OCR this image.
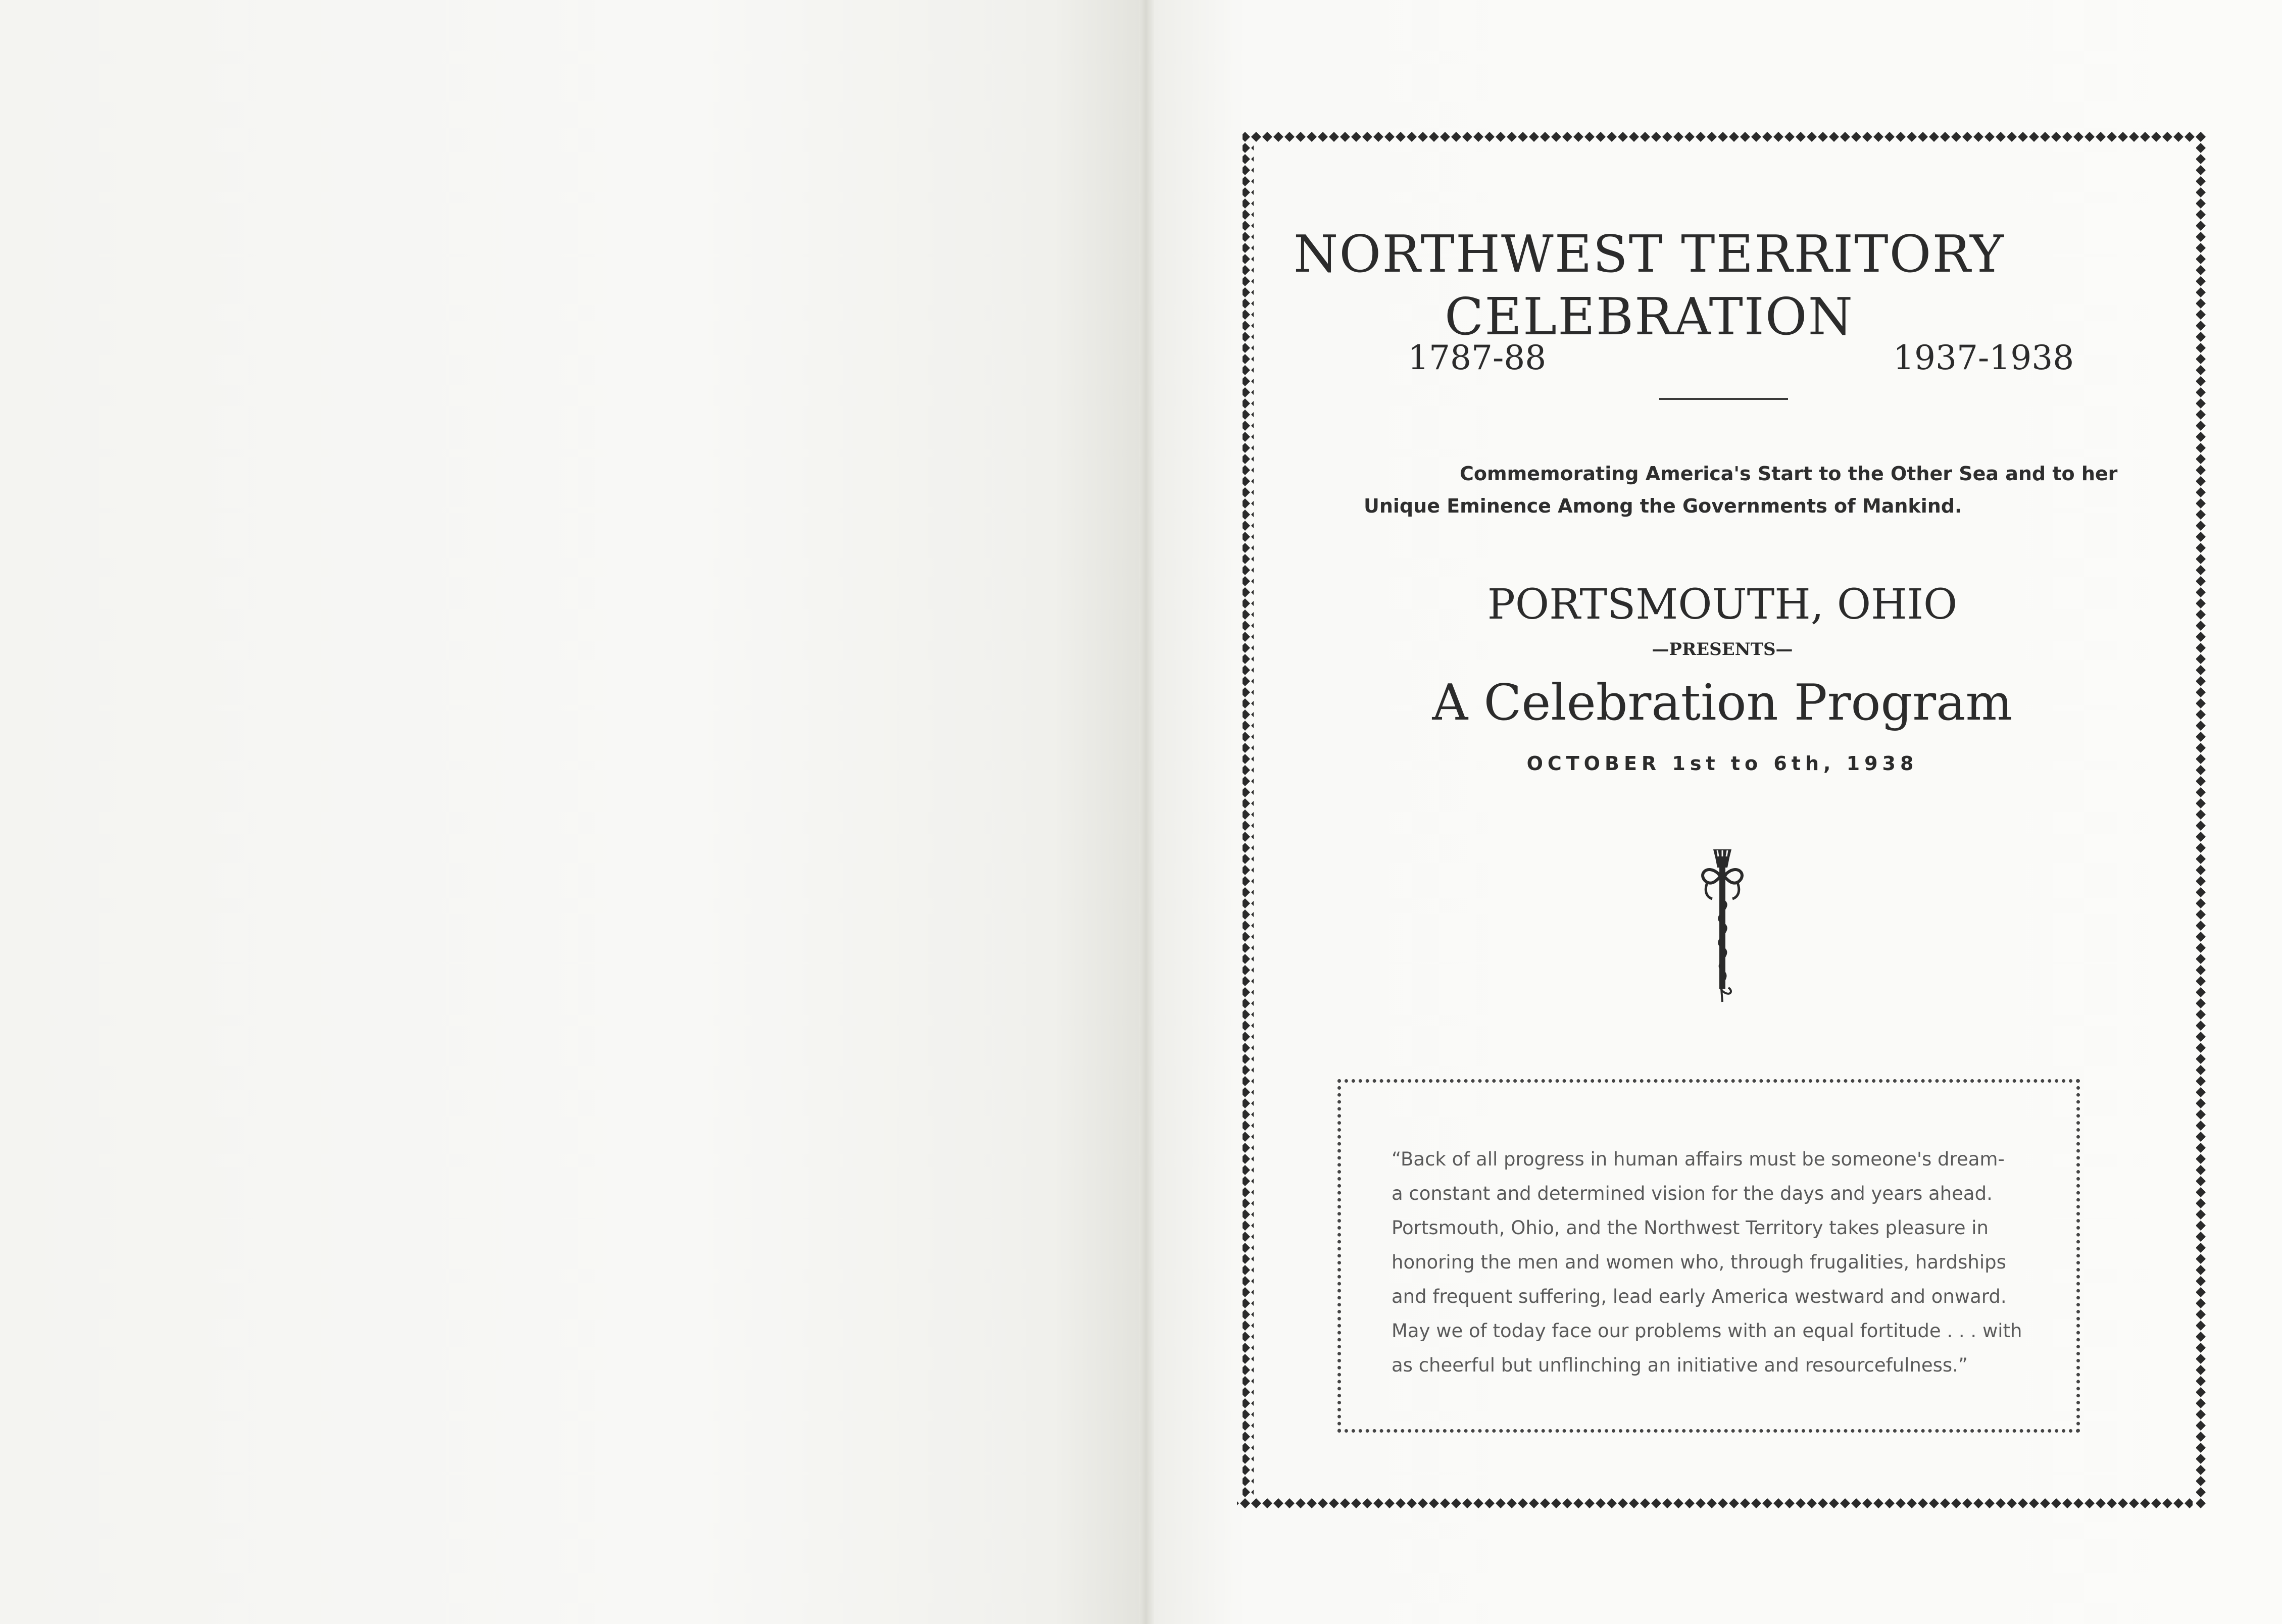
NORTHWEST TERRITORY
CELEBRATION
1787-88	1937-1938
Commemorating America's Start to the Other Sea and to her
Unique Eminence Among the Governments of Mankind.
PORTSMOUTH, OHIO
—PRESENTS—
A Celebration Program
OCTOBER 1st to 6th, 1938
“Back of all progress in human affairs must be someone's dream-
a constant and determined vision for the days and years ahead.
Portsmouth, Ohio, and the Northwest Territory takes pleasure in
honoring the men and women who, through frugalities, hardships
and frequent suffering, lead early America westward and onward.
May we of today face our problems with an equal fortitude . . . with
as cheerful but unflinching an initiative and resourcefulness.”
